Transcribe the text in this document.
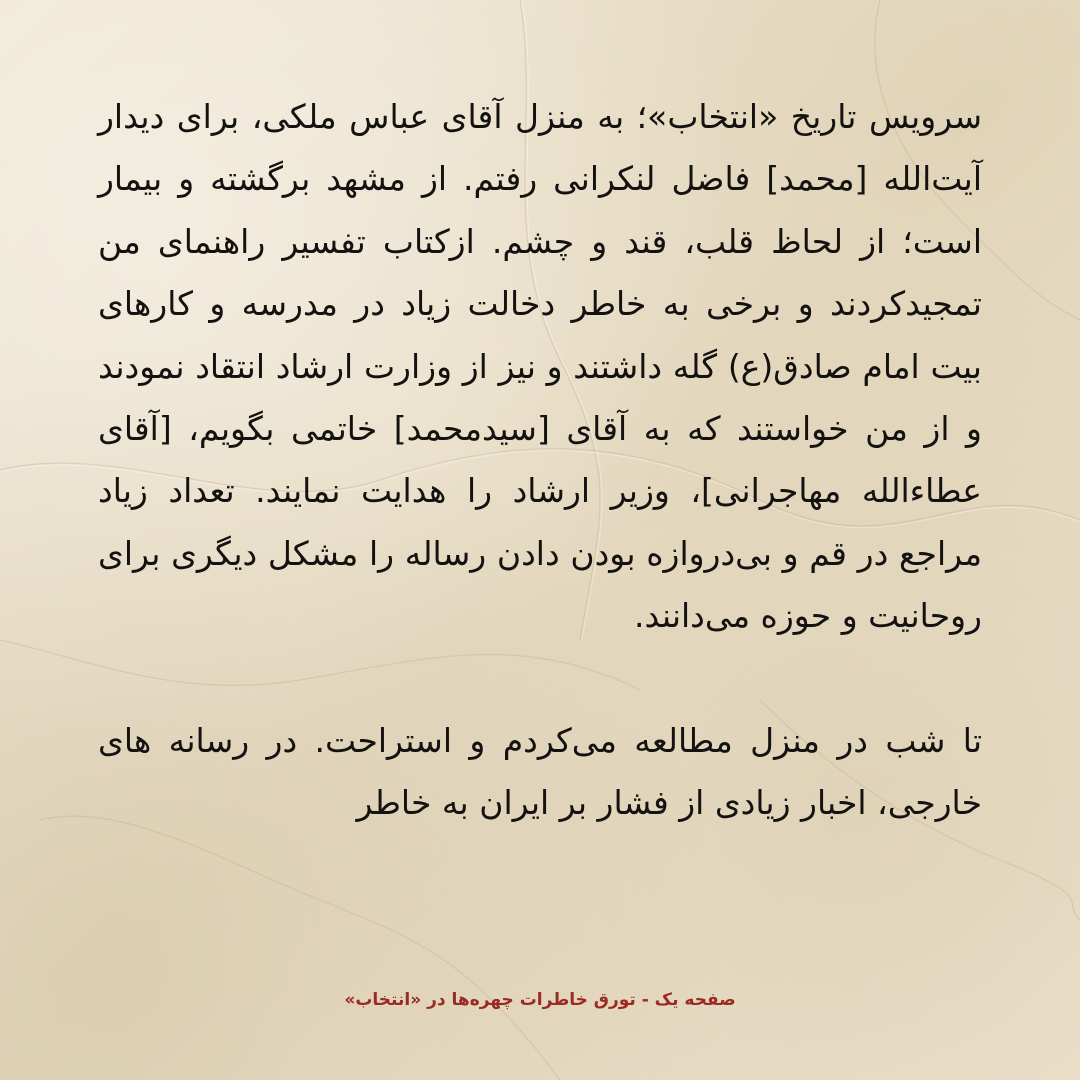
سرویس تاریخ «انتخاب»؛ به منزل آقای عباس ملکی، برای دیدار آیت‌الله [محمد] فاضل لنکرانی رفتم. از مشهد برگشته و بیمار است؛ از لحاظ قلب، قند و چشم. ازکتاب تفسیر راهنمای من تمجیدکردند و برخی به خاطر دخالت زیاد در مدرسه و کارهای بیت امام صادق(ع) گله داشتند و نیز از وزارت ارشاد انتقاد نمودند و از من خواستند که به آقای [سیدمحمد] خاتمی بگویم، [آقای عطاءالله مهاجرانی]، وزیر ارشاد را هدایت نمایند. تعداد زیاد مراجع در قم و بی‌دروازه بودن دادن رساله را مشکل دیگری برای روحانیت و حوزه می‌دانند.

تا شب در منزل مطالعه می‌کردم و استراحت. در رسانه های خارجی، اخبار زیادی از فشار بر ایران به خاطر

صفحه یک - تورق خاطرات چهره‌ها در «انتخاب»
